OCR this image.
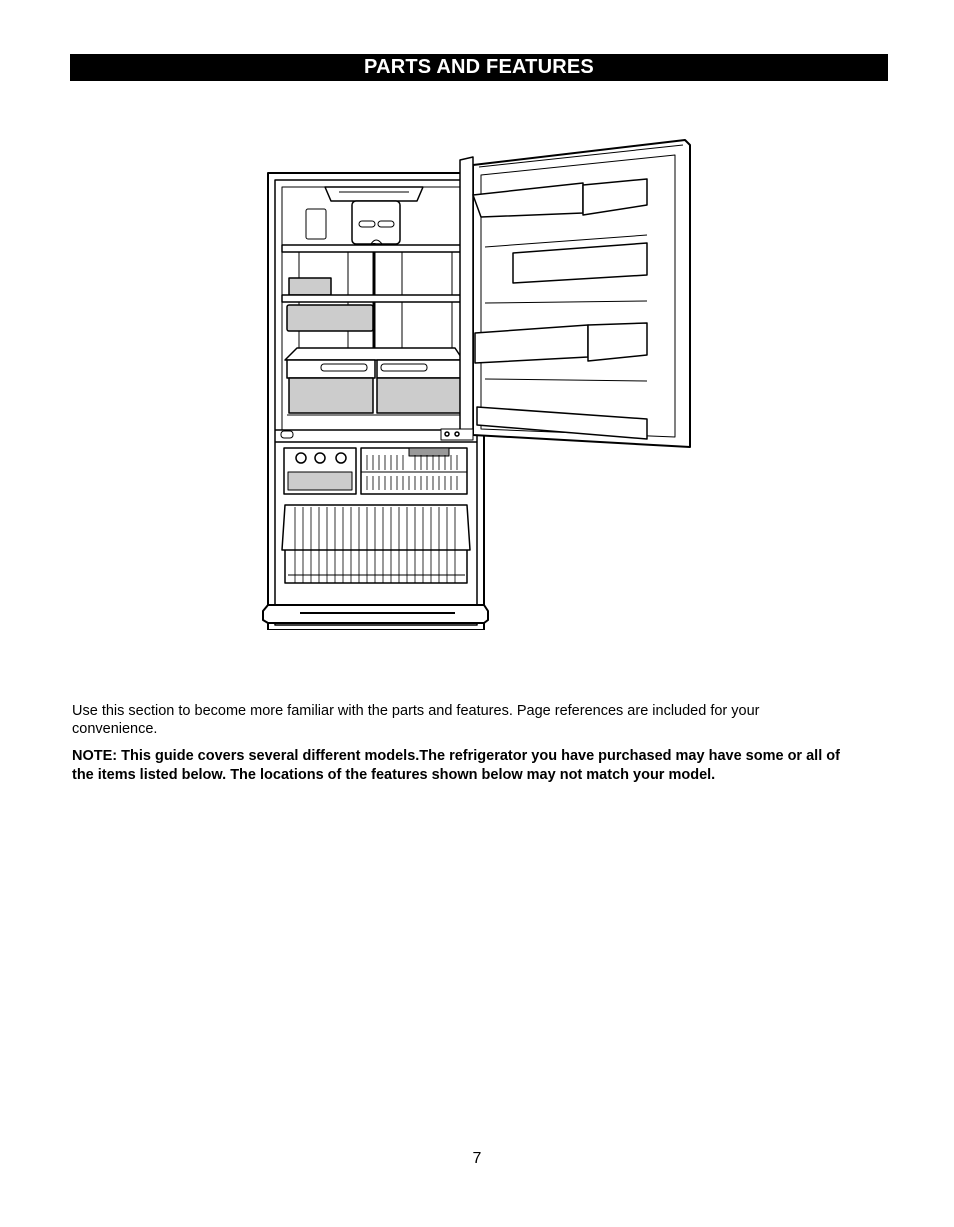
PARTS AND FEATURES

Use this section to become more familiar with the parts and features. Page references are included for your convenience.

NOTE: This guide covers several different models.The refrigerator you have purchased may have some or all of the items listed below. The locations of the features shown below may not match your model.

7
